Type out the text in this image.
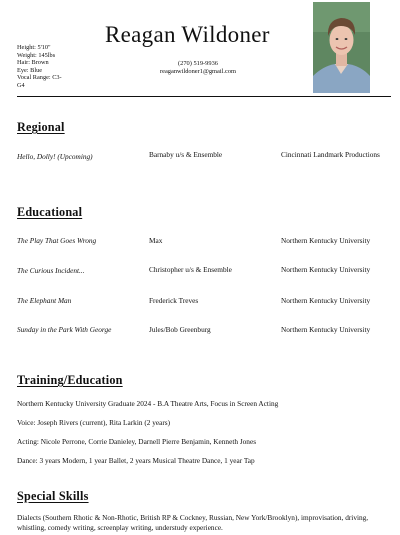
Height: 5'10"
Weight: 145lbs
Hair: Brown
Eye: Blue
Vocal Range: C3-
G4
Reagan Wildoner
(270) 519-9936
reaganwildoner1@gmail.com
Regional
Hello, Dolly! (Upcoming)	Barnaby u/s & Ensemble	Cincinnati Landmark Productions
Educational
The Play That Goes Wrong	Max	Northern Kentucky University
The Curious Incident...	Christopher u/s & Ensemble	Northern Kentucky University
The Elephant Man	Frederick Treves	Northern Kentucky University
Sunday in the Park With George	Jules/Bob Greenburg	Northern Kentucky University
Training/Education
Northern Kentucky University Graduate 2024 - B.A Theatre Arts, Focus in Screen Acting
Voice: Joseph Rivers (current), Rita Larkin (2 years)
Acting: Nicole Perrone, Corrie Danieley, Darnell Pierre Benjamin, Kenneth Jones
Dance: 3 years Modern, 1 year Ballet, 2 years Musical Theatre Dance, 1 year Tap
Special Skills
Dialects (Southern Rhotic & Non-Rhotic, British RP & Cockney, Russian, New York/Brooklyn), improvisation, driving, whistling, comedy writing, screenplay writing, understudy experience.
